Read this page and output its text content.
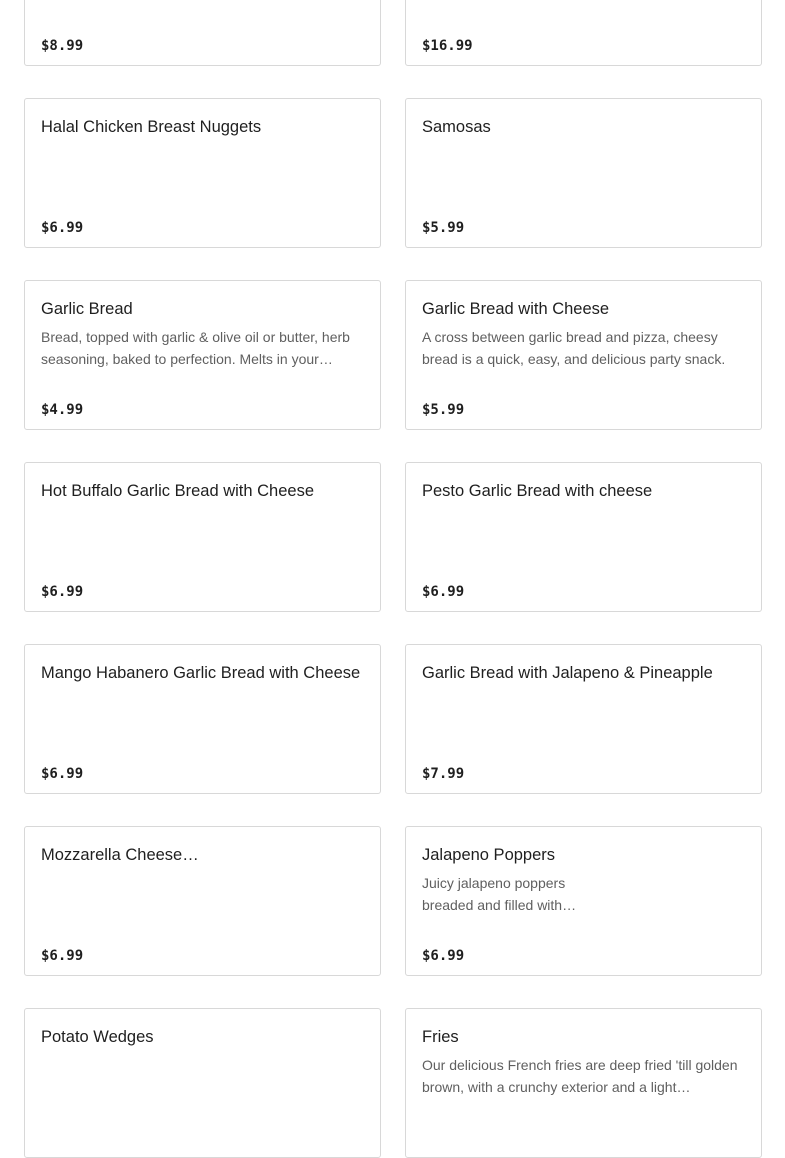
$8.99	$16.99
Halal Chicken Breast Nuggets
$6.99
Samosas
$5.99
Garlic Bread
Bread, topped with garlic & olive oil or butter, herb seasoning, baked to perfection. Melts in your…
$4.99
Garlic Bread with Cheese
A cross between garlic bread and pizza, cheesy bread is a quick, easy, and delicious party snack.
$5.99
Hot Buffalo Garlic Bread with Cheese
$6.99
Pesto Garlic Bread with cheese
$6.99
Mango Habanero Garlic Bread with Cheese
$6.99
Garlic Bread with Jalapeno & Pineapple
$7.99
Mozzarella Cheese…
$6.99
Jalapeno Poppers
Juicy jalapeno poppers breaded and filled with…
$6.99
Potato Wedges	Fries
Our delicious French fries are deep fried 'till golden brown, with a crunchy exterior and a light…
